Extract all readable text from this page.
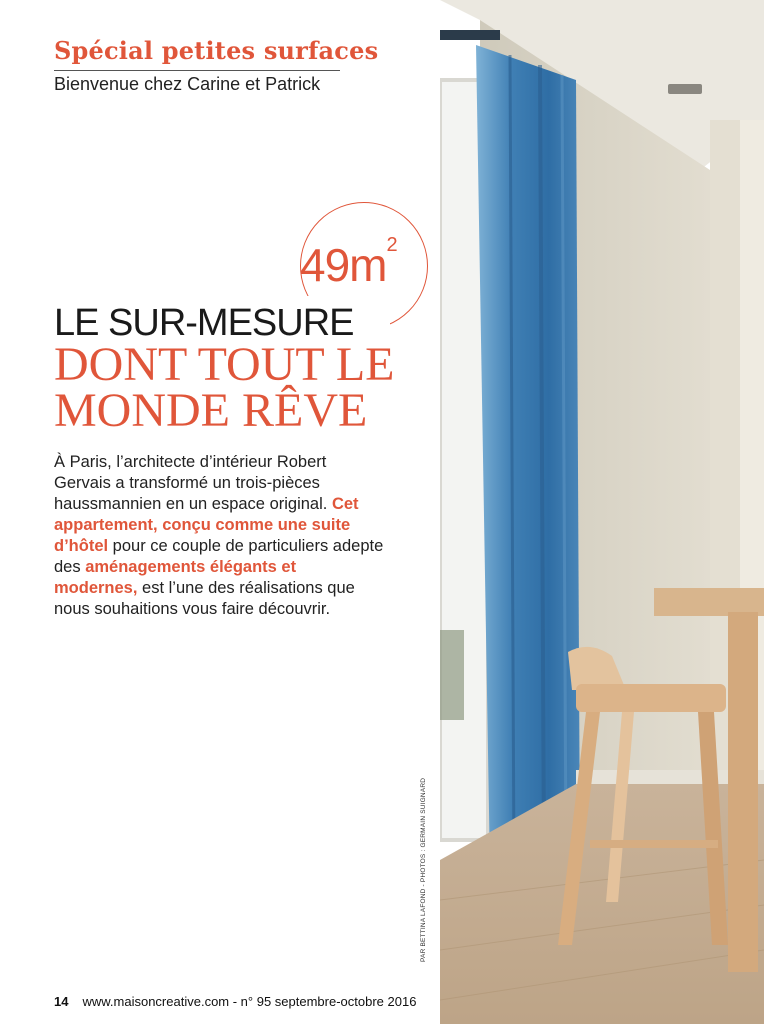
Spécial petites surfaces
Bienvenue chez Carine et Patrick
$49m^2$
LE SUR-MESURE
DONT TOUT LE
MONDE RÊVE
À Paris, l’architecte d’intérieur Robert Gervais a transformé un trois-pièces haussmannien en un espace original. Cet appartement, conçu comme une suite d’hôtel pour ce couple de particuliers adepte des aménagements élégants et modernes, est l’une des réalisations que nous souhaitions vous faire découvrir.
PAR BETTINA LAFOND - PHOTOS : GERMAIN SUIGNARD
14 www.maisoncreative.com - n° 95 septembre-octobre 2016
